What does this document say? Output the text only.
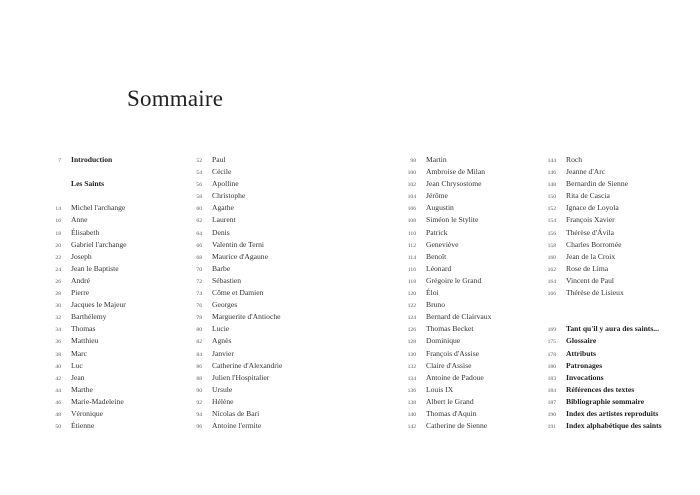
Sommaire
7 Introduction
Les Saints
14 Michel l'archange
16 Anne
18 Élisabeth
20 Gabriel l'archange
22 Joseph
24 Jean le Baptiste
26 André
28 Pierre
30 Jacques le Majeur
32 Barthélemy
34 Thomas
36 Matthieu
38 Marc
40 Luc
42 Jean
44 Marthe
46 Marie-Madeleine
48 Véronique
50 Étienne
52 Paul
54 Cécile
56 Apolline
58 Christophe
60 Agathe
62 Laurent
64 Denis
66 Valentin de Terni
68 Maurice d'Agaune
70 Barbe
72 Sébastien
74 Côme et Damien
76 Georges
78 Marguerite d'Antioche
80 Lucie
82 Agnès
84 Janvier
86 Catherine d'Alexandrie
88 Julien l'Hospitalier
90 Ursule
92 Hélène
94 Nicolas de Bari
96 Antoine l'ermite
98 Martin
100 Ambroise de Milan
102 Jean Chrysostome
104 Jérôme
106 Augustin
108 Siméon le Stylite
110 Patrick
112 Geneviève
114 Benoît
116 Léonard
118 Grégoire le Grand
120 Éloi
122 Bruno
124 Bernard de Clairvaux
126 Thomas Becket
128 Dominique
130 François d'Assise
132 Claire d'Assise
134 Antoine de Padoue
136 Louis IX
138 Albert le Grand
140 Thomas d'Aquin
142 Catherine de Sienne
144 Roch
146 Jeanne d'Arc
148 Bernardin de Sienne
150 Rita de Cascia
152 Ignace de Loyola
154 François Xavier
156 Thérèse d'Ávila
158 Charles Borromée
160 Jean de la Croix
162 Rose de Lima
164 Vincent de Paul
166 Thérèse de Lisieux
169 Tant qu'il y aura des saints...
175 Glossaire
178 Attributs
180 Patronages
183 Invocations
184 Références des textes
187 Bibliographie sommaire
190 Index des artistes reproduits
191 Index alphabétique des saints
